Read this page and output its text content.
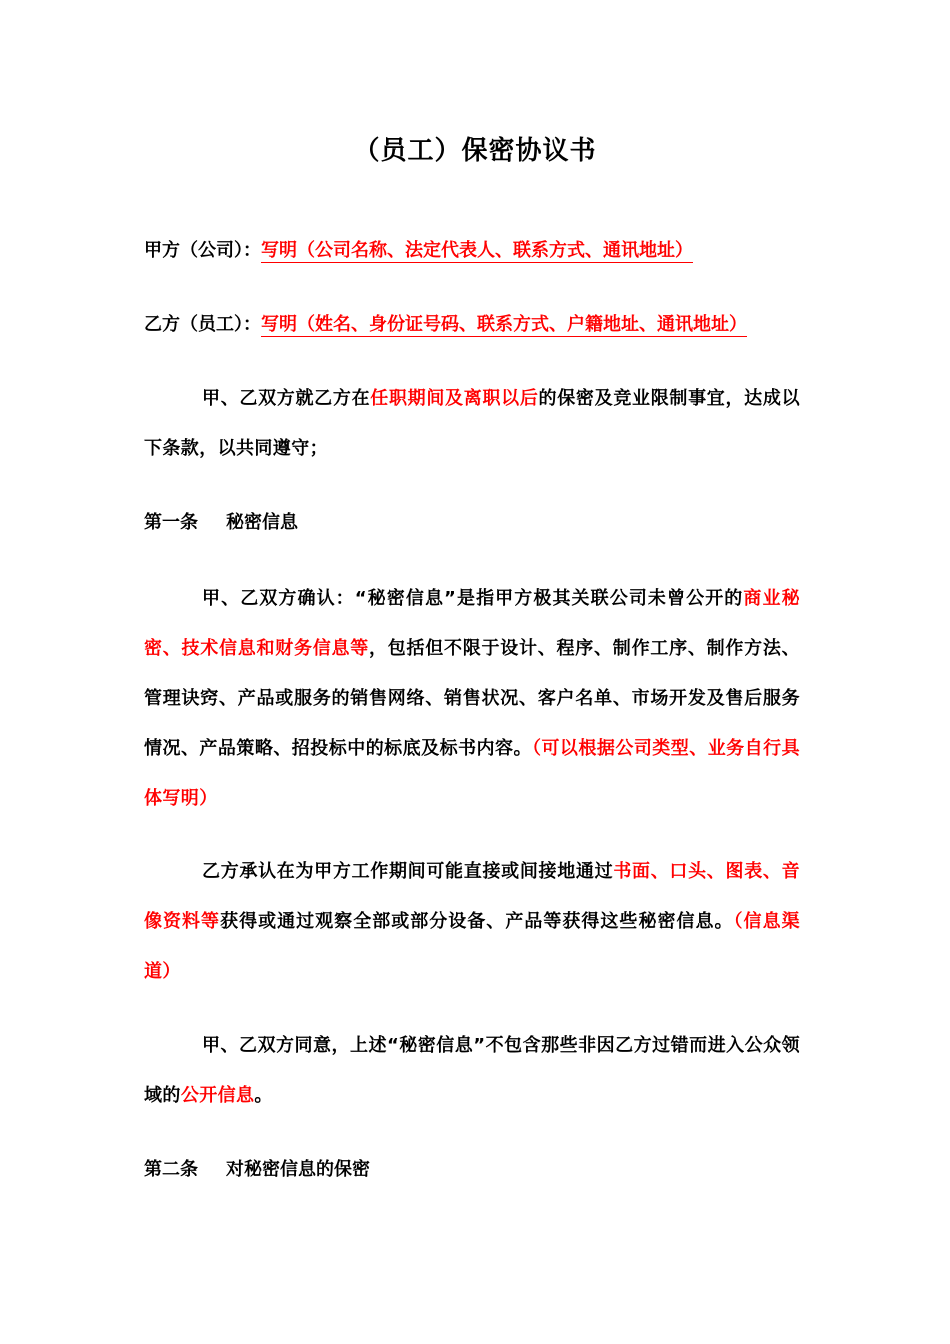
（员工）保密协议书
甲方（公司）：写明（公司名称、法定代表人、联系方式、通讯地址）
乙方（员工）：写明（姓名、身份证号码、联系方式、户籍地址、通讯地址）
甲、乙双方就乙方在任职期间及离职以后的保密及竞业限制事宜，达成以下条款，以共同遵守；
第一条 秘密信息
甲、乙双方确认：“秘密信息”是指甲方极其关联公司未曾公开的商业秘密、技术信息和财务信息等，包括但不限于设计、程序、制作工序、制作方法、管理诀窍、产品或服务的销售网络、销售状况、客户名单、市场开发及售后服务情况、产品策略、招投标中的标底及标书内容。（可以根据公司类型、业务自行具体写明）
乙方承认在为甲方工作期间可能直接或间接地通过书面、口头、图表、音像资料等获得或通过观察全部或部分设备、产品等获得这些秘密信息。（信息渠道）
甲、乙双方同意，上述“秘密信息”不包含那些非因乙方过错而进入公众领域的公开信息。
第二条 对秘密信息的保密
